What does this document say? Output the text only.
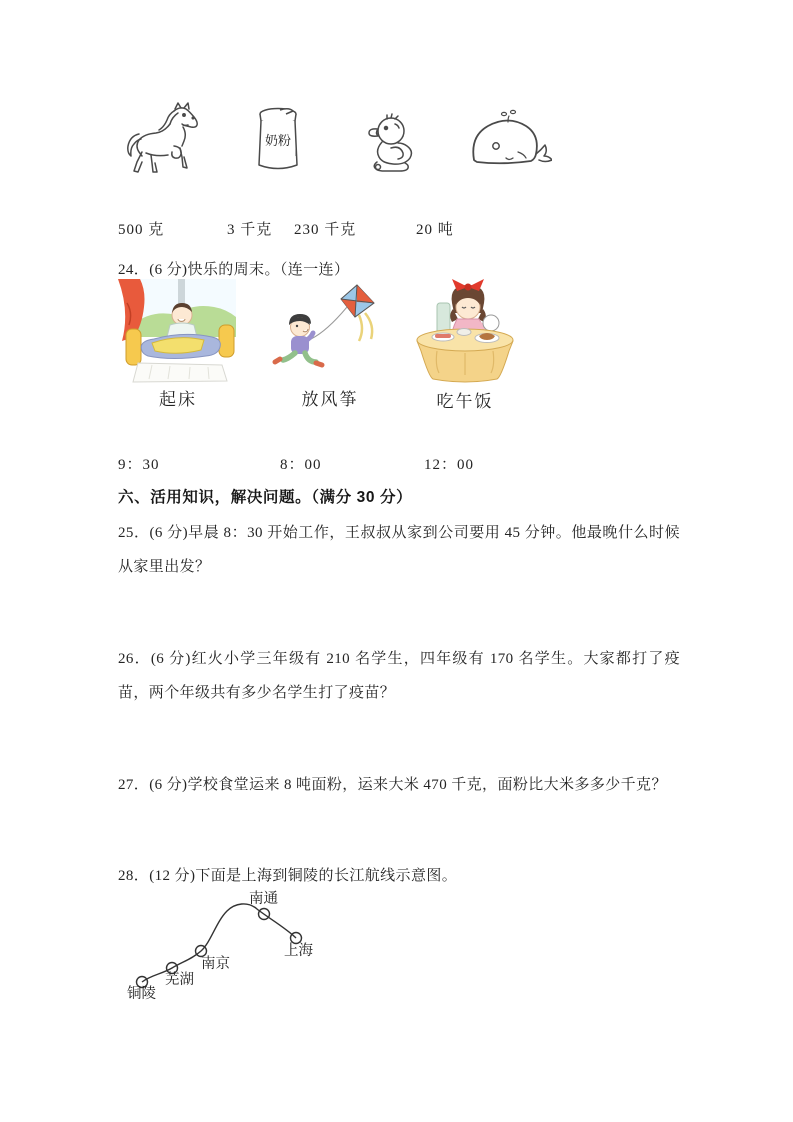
奶粉
500 克	3 千克 230 千克	20 吨
24．(6 分)快乐的周末。（连一连）
起床	放风筝	吃午饭
9：30	8：00	12：00
六、活用知识，解决问题。（满分 30 分）
25．(6 分)早晨 8：30 开始工作，王叔叔从家到公司要用 45 分钟。他最晚什么时候从家里出发？
26．(6 分)红火小学三年级有 210 名学生，四年级有 170 名学生。大家都打了疫苗，两个年级共有多少名学生打了疫苗？
27．(6 分)学校食堂运来 8 吨面粉，运来大米 470 千克，面粉比大米多多少千克？
28．(12 分)下面是上海到铜陵的长江航线示意图。
铜陵
芜湖
南京
南通
上海
